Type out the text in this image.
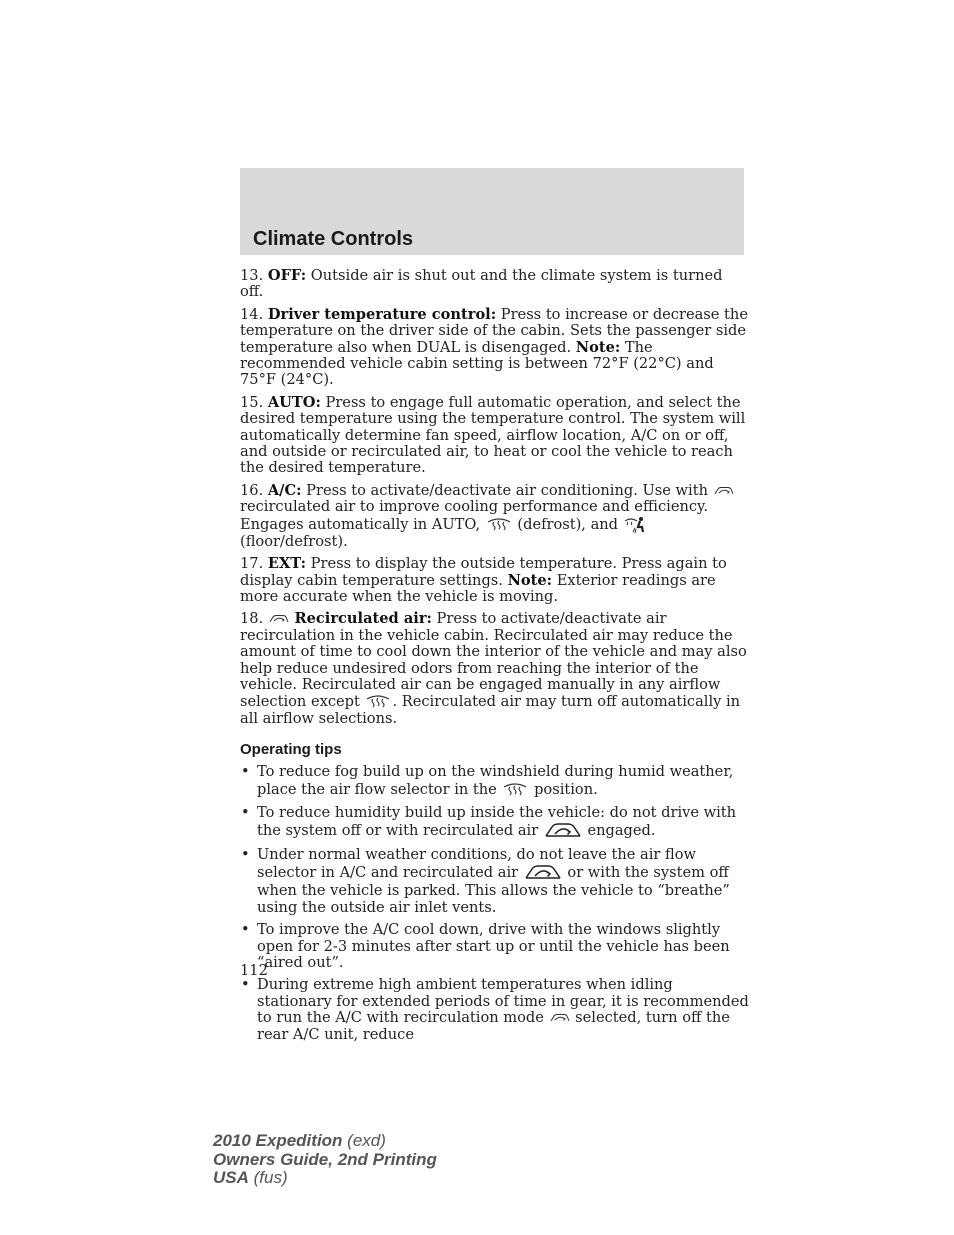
Climate Controls

13. OFF: Outside air is shut out and the climate system is turned off.

14. Driver temperature control: Press to increase or decrease the temperature on the driver side of the cabin. Sets the passenger side temperature also when DUAL is disengaged. Note: The recommended vehicle cabin setting is between 72°F (22°C) and 75°F (24°C).

15. AUTO: Press to engage full automatic operation, and select the desired temperature using the temperature control. The system will automatically determine fan speed, airflow location, A/C on or off, and outside or recirculated air, to heat or cool the vehicle to reach the desired temperature.

16. A/C: Press to activate/deactivate air conditioning. Use with
recirculated air to improve cooling performance and efficiency. Engages automatically in AUTO,
(defrost), and
(floor/defrost).

17. EXT: Press to display the outside temperature. Press again to display cabin temperature settings. Note: Exterior readings are more accurate when the vehicle is moving.

18. Recirculated air: Press to activate/deactivate air recirculation in the vehicle cabin. Recirculated air may reduce the amount of time to cool down the interior of the vehicle and may also help reduce undesired odors from reaching the interior of the vehicle. Recirculated air can be engaged manually in any airflow selection except
. Recirculated air may turn off automatically in all airflow selections.

Operating tips
• To reduce fog build up on the windshield during humid weather, place the air flow selector in the
position.
• To reduce humidity build up inside the vehicle: do not drive with the system off or with recirculated air	engaged.
• Under normal weather conditions, do not leave the air flow selector in A/C and recirculated air	or with the system off when the vehicle is parked. This allows the vehicle to “breathe” using the outside air inlet vents.
• To improve the A/C cool down, drive with the windows slightly open for 2-3 minutes after start up or until the vehicle has been “aired out”.
• During extreme high ambient temperatures when idling stationary for extended periods of time in gear, it is recommended to run the A/C with recirculation mode
selected, turn off the rear A/C unit, reduce
112
2010 Expedition (exd)
Owners Guide, 2nd Printing
USA (fus)
